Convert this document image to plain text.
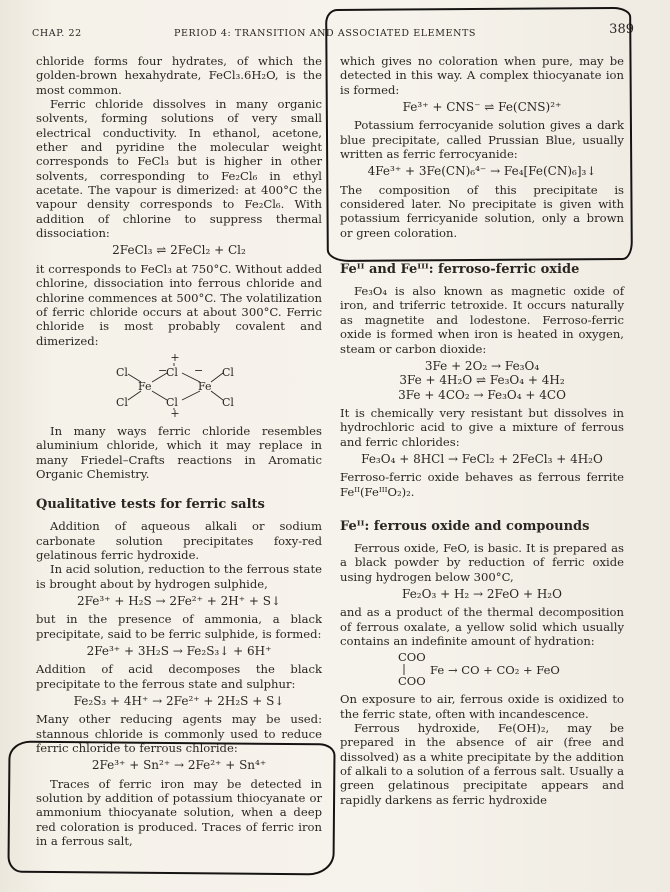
CHAP. 22	PERIOD 4: TRANSITION AND ASSOCIATED ELEMENTS	389

chloride forms four hydrates, of which the golden-brown hexahydrate, FeCl₃.6H₂O, is the most common.

Ferric chloride dissolves in many organic solvents, forming solutions of very small electrical conductivity. In ethanol, acetone, ether and pyridine the molecular weight corresponds to FeCl₃ but is higher in other solvents, corresponding to Fe₂Cl₆ in ethyl acetate. The vapour is dimerized: at 400°C the vapour density corresponds to Fe₂Cl₆. With addition of chlorine to suppress thermal dissociation:

2FeCl₃ ⇌ 2FeCl₂ + Cl₂

it corresponds to FeCl₃ at 750°C. Without added chlorine, dissociation into ferrous chloride and chlorine commences at 500°C. The volatilization of ferric chloride occurs at about 300°C. Ferric chloride is most probably covalent and dimerized:

+
Cl	Cl	Cl
− −
Fe	Fe
Cl	Cl	Cl
+

In many ways ferric chloride resembles aluminium chloride, which it may replace in many Friedel–Crafts reactions in Aromatic Organic Chemistry.

Qualitative tests for ferric salts

Addition of aqueous alkali or sodium carbonate solution precipitates foxy-red gelatinous ferric hydroxide.

In acid solution, reduction to the ferrous state is brought about by hydrogen sulphide,

2Fe³⁺ + H₂S → 2Fe²⁺ + 2H⁺ + S↓

but in the presence of ammonia, a black precipitate, said to be ferric sulphide, is formed:

2Fe³⁺ + 3H₂S → Fe₂S₃↓ + 6H⁺

Addition of acid decomposes the black precipitate to the ferrous state and sulphur:

Fe₂S₃ + 4H⁺ → 2Fe²⁺ + 2H₂S + S↓

Many other reducing agents may be used: stannous chloride is commonly used to reduce ferric chloride to ferrous chloride:

2Fe³⁺ + Sn²⁺ → 2Fe²⁺ + Sn⁴⁺

Traces of ferric iron may be detected in solution by addition of potassium thiocyanate or ammonium thiocyanate solution, when a deep red coloration is produced. Traces of ferric iron in a ferrous salt,

which gives no coloration when pure, may be detected in this way. A complex thiocyanate ion is formed:

Fe³⁺ + CNS⁻ ⇌ Fe(CNS)²⁺

Potassium ferrocyanide solution gives a dark blue precipitate, called Prussian Blue, usually written as ferric ferrocyanide:

4Fe³⁺ + 3Fe(CN)₆⁴⁻ → Fe₄[Fe(CN)₆]₃↓

The composition of this precipitate is considered later. No precipitate is given with potassium ferricyanide solution, only a brown or green coloration.

Feᴵᴵ and Feᴵᴵᴵ: ferroso-ferric oxide

Fe₃O₄ is also known as magnetic oxide of iron, and triferric tetroxide. It occurs naturally as magnetite and lodestone. Ferroso-ferric oxide is formed when iron is heated in oxygen, steam or carbon dioxide:

3Fe + 2O₂ → Fe₃O₄
3Fe + 4H₂O ⇌ Fe₃O₄ + 4H₂
3Fe + 4CO₂ → Fe₃O₄ + 4CO

It is chemically very resistant but dissolves in hydrochloric acid to give a mixture of ferrous and ferric chlorides:

Fe₃O₄ + 8HCl → FeCl₂ + 2FeCl₃ + 4H₂O

Ferroso-ferric oxide behaves as ferrous ferrite Feᴵᴵ(FeᴵᴵᴵO₂)₂.

Feᴵᴵ: ferrous oxide and compounds

Ferrous oxide, FeO, is basic. It is prepared as a black powder by reduction of ferric oxide using hydrogen below 300°C,

Fe₂O₃ + H₂ → 2FeO + H₂O

and as a product of the thermal decomposition of ferrous oxalate, a yellow solid which usually contains an indefinite amount of hydration:

COO
COO
Fe → CO + CO₂ + FeO

On exposure to air, ferrous oxide is oxidized to the ferric state, often with incandescence.

Ferrous hydroxide, Fe(OH)₂, may be prepared in the absence of air (free and dissolved) as a white precipitate by the addition of alkali to a solution of a ferrous salt. Usually a green gelatinous precipitate appears and rapidly darkens as ferric hydroxide
